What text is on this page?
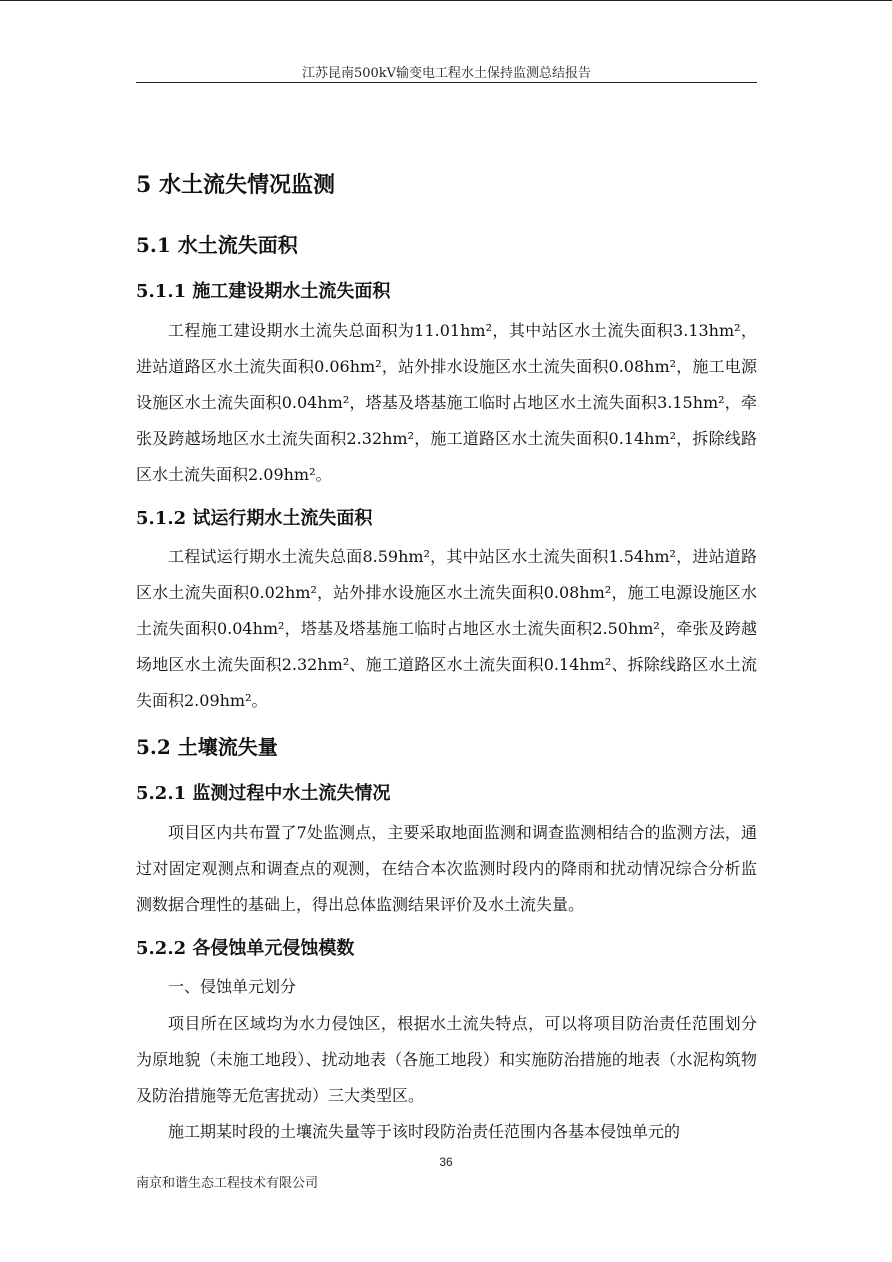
江苏昆南500kV输变电工程水土保持监测总结报告
5 水土流失情况监测
5.1 水土流失面积
5.1.1 施工建设期水土流失面积

工程施工建设期水土流失总面积为11.01hm²，其中站区水土流失面积3.13hm²，进站道路区水土流失面积0.06hm²，站外排水设施区水土流失面积0.08hm²，施工电源设施区水土流失面积0.04hm²，塔基及塔基施工临时占地区水土流失面积3.15hm²，牵张及跨越场地区水土流失面积2.32hm²，施工道路区水土流失面积0.14hm²，拆除线路区水土流失面积2.09hm²。

5.1.2 试运行期水土流失面积

工程试运行期水土流失总面8.59hm²，其中站区水土流失面积1.54hm²，进站道路区水土流失面积0.02hm²，站外排水设施区水土流失面积0.08hm²，施工电源设施区水土流失面积0.04hm²，塔基及塔基施工临时占地区水土流失面积2.50hm²，牵张及跨越场地区水土流失面积2.32hm²、施工道路区水土流失面积0.14hm²、拆除线路区水土流失面积2.09hm²。

5.2 土壤流失量
5.2.1 监测过程中水土流失情况

项目区内共布置了7处监测点，主要采取地面监测和调查监测相结合的监测方法，通过对固定观测点和调查点的观测，在结合本次监测时段内的降雨和扰动情况综合分析监测数据合理性的基础上，得出总体监测结果评价及水土流失量。

5.2.2 各侵蚀单元侵蚀模数

一、侵蚀单元划分

项目所在区域均为水力侵蚀区，根据水土流失特点，可以将项目防治责任范围划分为原地貌（未施工地段）、扰动地表（各施工地段）和实施防治措施的地表（水泥构筑物及防治措施等无危害扰动）三大类型区。

施工期某时段的土壤流失量等于该时段防治责任范围内各基本侵蚀单元的

36
南京和谐生态工程技术有限公司
